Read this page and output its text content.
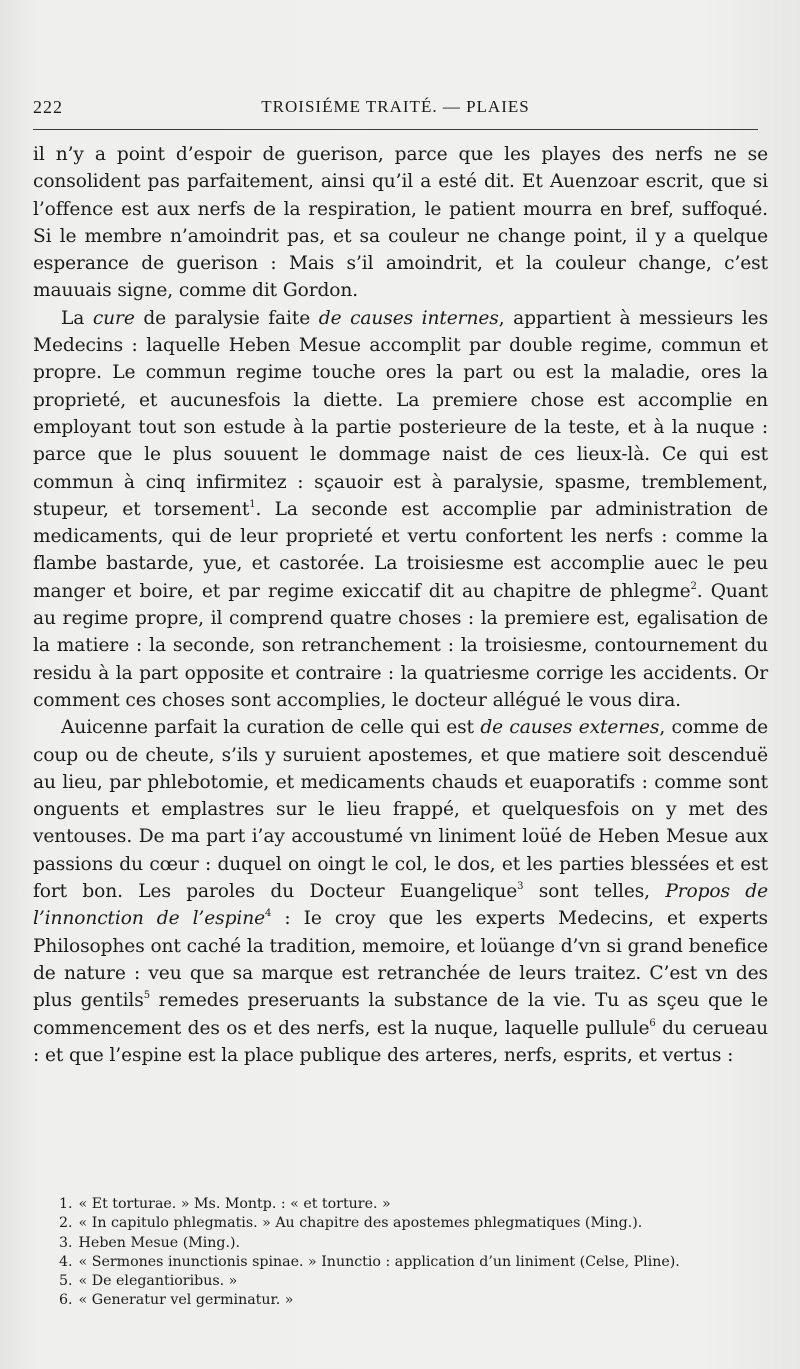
222	TROISIÉME TRAITÉ. — PLAIES

il n’y a point d’espoir de guerison, parce que les playes des nerfs ne se consolident pas parfaitement, ainsi qu’il a esté dit. Et Auenzoar escrit, que si l’offence est aux nerfs de la respiration, le patient mourra en bref, suffoqué. Si le membre n’amoindrit pas, et sa couleur ne change point, il y a quelque esperance de guerison : Mais s’il amoindrit, et la couleur change, c’est mauuais signe, comme dit Gordon.

La cure de paralysie faite de causes internes, appartient à messieurs les Medecins : laquelle Heben Mesue accomplit par double regime, commun et propre. Le commun regime touche ores la part ou est la maladie, ores la proprieté, et aucunesfois la diette. La premiere chose est accomplie en employant tout son estude à la partie posterieure de la teste, et à la nuque : parce que le plus souuent le dommage naist de ces lieux-là. Ce qui est commun à cinq infirmitez : sçauoir est à paralysie, spasme, tremblement, stupeur, et torsement$^1$. La seconde est accomplie par administration de medicaments, qui de leur proprieté et vertu confortent les nerfs : comme la flambe bastarde, yue, et castorée. La troisiesme est accomplie auec le peu manger et boire, et par regime exiccatif dit au chapitre de phlegme$^2$. Quant au regime propre, il comprend quatre choses : la premiere est, egalisation de la matiere : la seconde, son retranchement : la troisiesme, contournement du residu à la part opposite et contraire : la quatriesme corrige les accidents. Or comment ces choses sont accomplies, le docteur allégué le vous dira.

Auicenne parfait la curation de celle qui est de causes externes, comme de coup ou de cheute, s’ils y suruient apostemes, et que matiere soit descenduë au lieu, par phlebotomie, et medicaments chauds et euaporatifs : comme sont onguents et emplastres sur le lieu frappé, et quelquesfois on y met des ventouses. De ma part i’ay accoustumé vn liniment loüé de Heben Mesue aux passions du cœur : duquel on oingt le col, le dos, et les parties blessées et est fort bon. Les paroles du Docteur Euangelique$^3$ sont telles, Propos de l’innonction de l’espine$^4$ : Ie croy que les experts Medecins, et experts Philosophes ont caché la tradition, memoire, et loüange d’vn si grand benefice de nature : veu que sa marque est retranchée de leurs traitez. C’est vn des plus gentils$^5$ remedes preseruants la substance de la vie. Tu as sçeu que le commencement des os et des nerfs, est la nuque, laquelle pullule$^6$ du cerueau : et que l’espine est la place publique des arteres, nerfs, esprits, et vertus :

1. « Et torturae. » Ms. Montp. : « et torture. »

2. « In capitulo phlegmatis. » Au chapitre des apostemes phlegmatiques (Ming.).

3. Heben Mesue (Ming.).

4. « Sermones inunctionis spinae. » Inunctio : application d’un liniment (Celse, Pline).

5. « De elegantioribus. »

6. « Generatur vel germinatur. »
